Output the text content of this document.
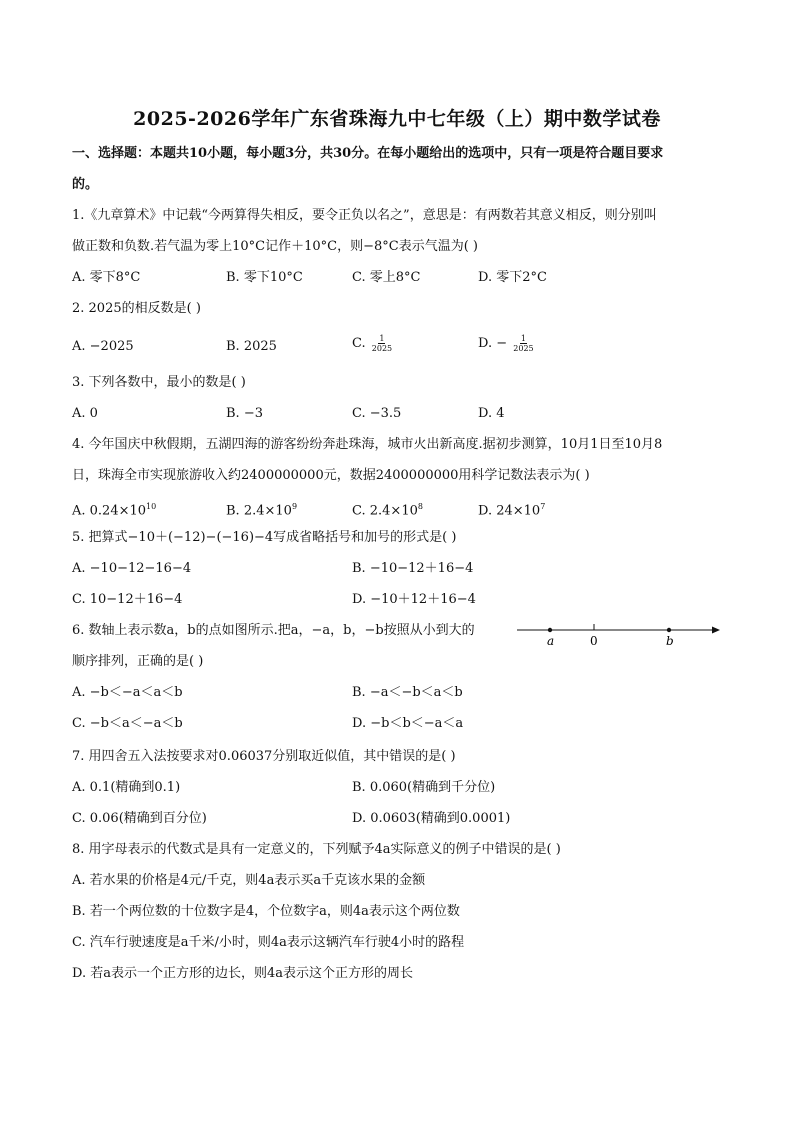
2025-2026学年广东省珠海九中七年级（上）期中数学试卷
一、选择题：本题共10小题，每小题3分，共30分。在每小题给出的选项中，只有一项是符合题目要求
的。
1.《九章算术》中记载“今两算得失相反，要令正负以名之”，意思是：有两数若其意义相反，则分别叫
做正数和负数.若气温为零上10°C记作＋10°C，则−8°C表示气温为( )
A. 零下8°C	B. 零下10°C	C. 零上8°C	D. 零下2°C
2. 2025的相反数是( )
A. −2025	B. 2025	C. $\frac{1}{2025}$	D. − $\frac{1}{2025}$
3. 下列各数中，最小的数是( )
A. 0	B. −3	C. −3.5	D. 4
4. 今年国庆中秋假期，五湖四海的游客纷纷奔赴珠海，城市火出新高度.据初步测算，10月1日至10月8
日，珠海全市实现旅游收入约2400000000元，数据2400000000用科学记数法表示为( )
A. $0.24\times 10^{10}$	B. $2.4\times 10^9$	C. $2.4\times 10^8$	D. $24\times 10^7$
5. 把算式−10＋(−12)−(−16)−4写成省略括号和加号的形式是( )
A. −10−12−16−4	B. −10−12＋16−4
C. 10−12＋16−4	D. −10＋12＋16−4
6. 数轴上表示数a，b的点如图所示.把a，−a，b，−b按照从小到大的
顺序排列，正确的是( )
a	0	b
A. −b＜−a＜a＜b	B. −a＜−b＜a＜b
C. −b＜a＜−a＜b	D. −b＜b＜−a＜a
7. 用四舍五入法按要求对0.06037分别取近似值，其中错误的是( )
A. 0.1(精确到0.1)	B. 0.060(精确到千分位)
C. 0.06(精确到百分位)	D. 0.0603(精确到0.0001)
8. 用字母表示的代数式是具有一定意义的，下列赋予4a实际意义的例子中错误的是( )
A. 若水果的价格是4元/千克，则4a表示买a千克该水果的金额
B. 若一个两位数的十位数字是4，个位数字a，则4a表示这个两位数
C. 汽车行驶速度是a千米/小时，则4a表示这辆汽车行驶4小时的路程
D. 若a表示一个正方形的边长，则4a表示这个正方形的周长
